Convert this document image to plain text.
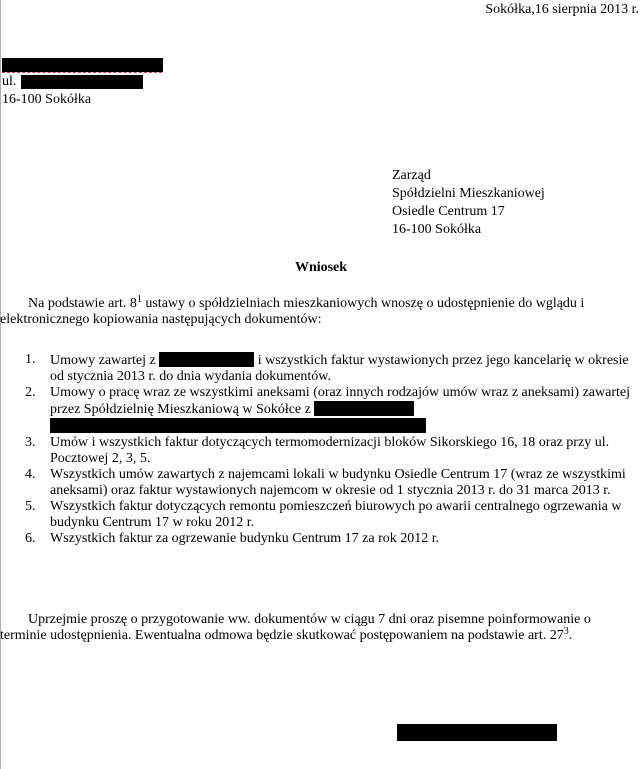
Sokółka,16 sierpnia 2013 r.
ul.
16-100 Sokółka
Zarząd
Spółdzielni Mieszkaniowej
Osiedle Centrum 17
16-100 Sokółka
Wniosek
Na podstawie art. $8^1$ ustawy o spółdzielniach mieszkaniowych wnoszę o udostępnienie do wglądu i elektronicznego kopiowania następujących dokumentów:
1. Umowy zawartej z	i wszystkich faktur wystawionych przez jego kancelarię w okresie od stycznia 2013 r. do dnia wydania dokumentów.
2. Umowy o pracę wraz ze wszystkimi aneksami (oraz innych rodzajów umów wraz z aneksami) zawartej przez Spółdzielnię Mieszkaniową w Sokółce z
3. Umów i wszystkich faktur dotyczących termomodernizacji bloków Sikorskiego 16, 18 oraz przy ul. Pocztowej 2, 3, 5.
4. Wszystkich umów zawartych z najemcami lokali w budynku Osiedle Centrum 17 (wraz ze wszystkimi aneksami) oraz faktur wystawionych najemcom w okresie od 1 stycznia 2013 r. do 31 marca 2013 r.
5. Wszystkich faktur dotyczących remontu pomieszczeń biurowych po awarii centralnego ogrzewania w budynku Centrum 17 w roku 2012 r.
6. Wszystkich faktur za ogrzewanie budynku Centrum 17 za rok 2012 r.
Uprzejmie proszę o przygotowanie ww. dokumentów w ciągu 7 dni oraz pisemne poinformowanie o terminie udostępnienia. Ewentualna odmowa będzie skutkować postępowaniem na podstawie art. $27^3$.
